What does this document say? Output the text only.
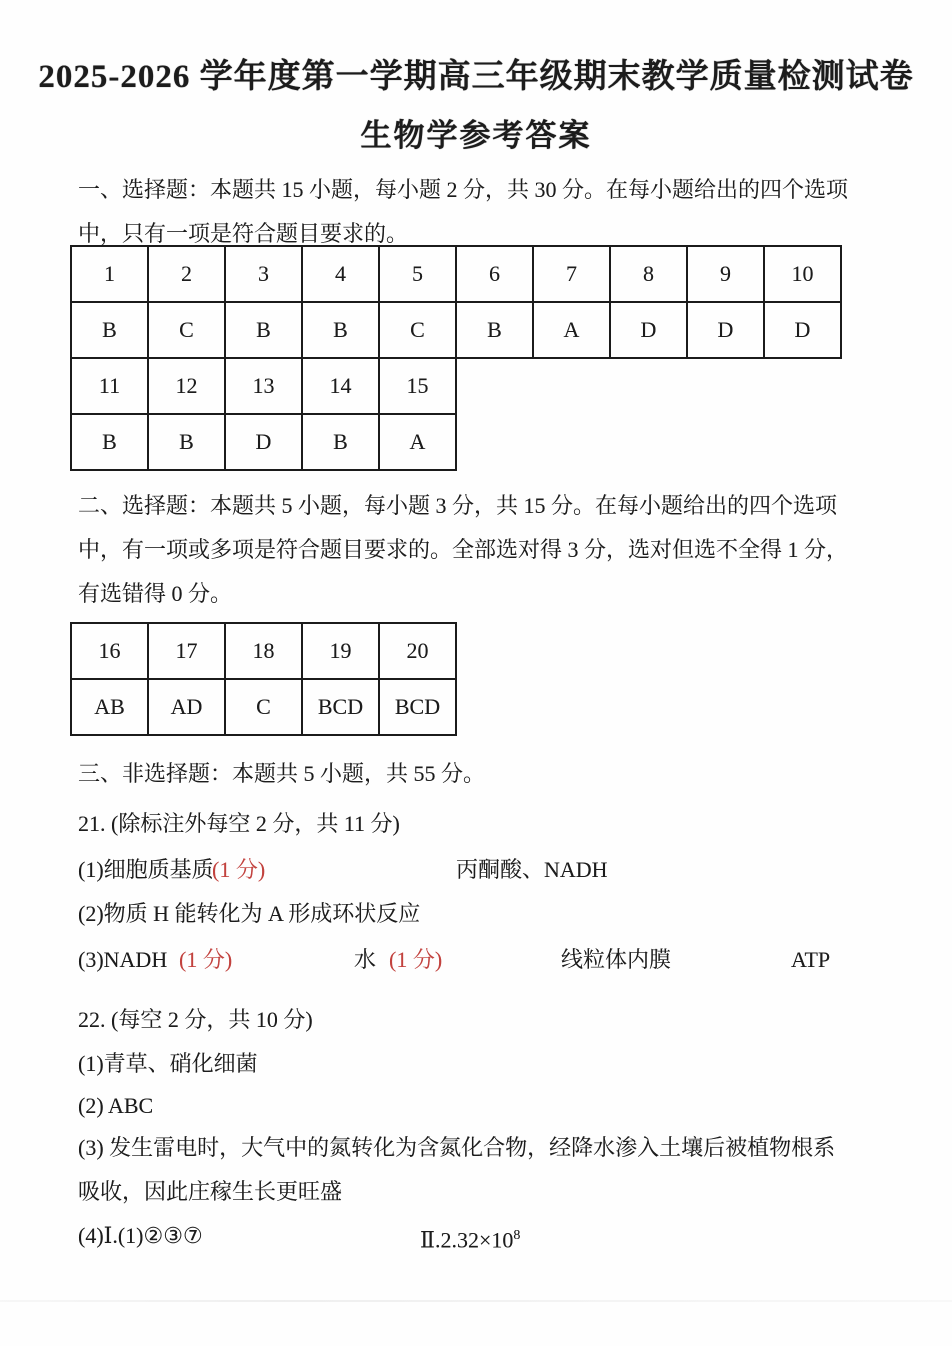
2025-2026 学年度第一学期高三年级期末教学质量检测试卷
生物学参考答案
一、选择题：本题共 15 小题，每小题 2 分，共 30 分。在每小题给出的四个选项
中，只有一项是符合题目要求的。
1	2	3	4	5	6	7	8	9	10
B	C	B	B	C	B	A	D	D	D
11	12	13	14	15					
B	B	D	B	A					
二、选择题：本题共 5 小题，每小题 3 分，共 15 分。在每小题给出的四个选项
中，有一项或多项是符合题目要求的。全部选对得 3 分，选对但选不全得 1 分，
有选错得 0 分。
16	17	18	19	20
AB	AD	C	BCD	BCD
三、非选择题：本题共 5 小题，共 55 分。
21. (除标注外每空 2 分，共 11 分)
(1)细胞质基质
(1 分)	丙酮酸、NADH
(2)物质 H 能转化为 A 形成环状反应
(3)NADH (1 分)	水 (1 分)	线粒体内膜	ATP
22. (每空 2 分，共 10 分)
(1)青草、硝化细菌
(2) ABC
(3) 发生雷电时，大气中的氮转化为含氮化合物，经降水渗入土壤后被植物根系
吸收，因此庄稼生长更旺盛
(4)Ⅰ.(1)②③⑦	$Ⅱ.2.32\times 10^8$
